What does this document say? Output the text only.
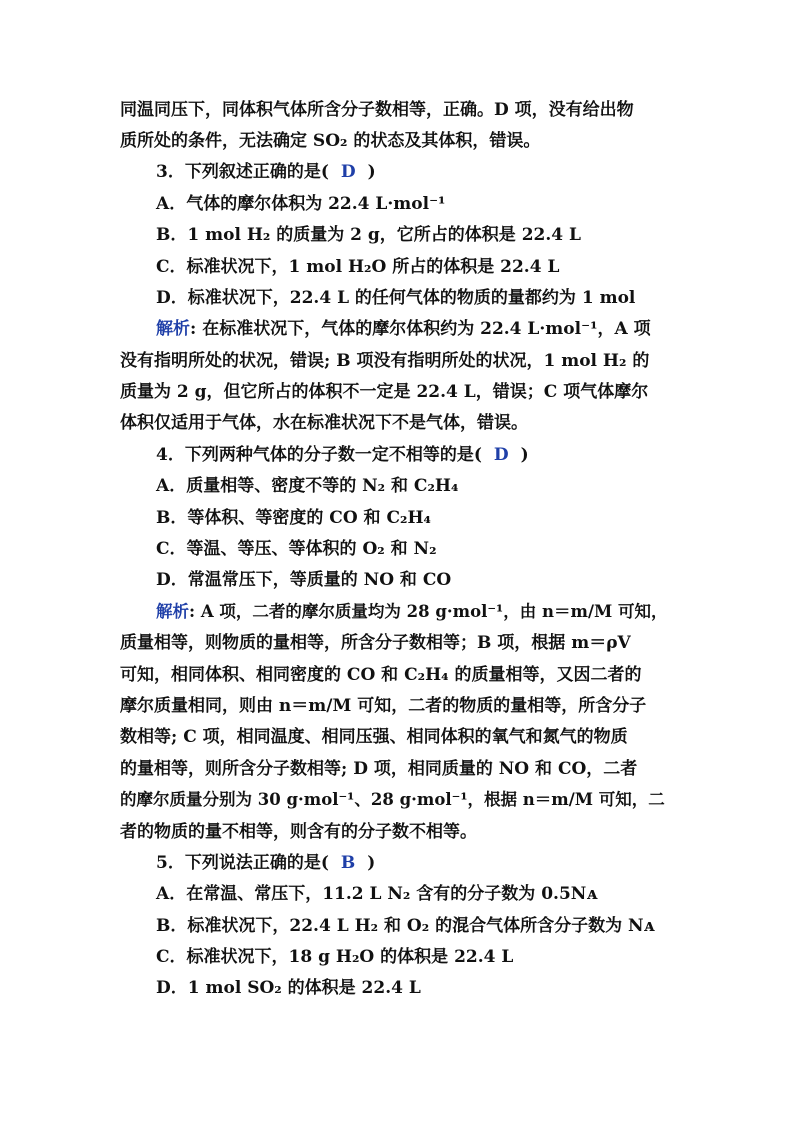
同温同压下，同体积气体所含分子数相等，正确。D 项，没有给出物
质所处的条件，无法确定 SO₂ 的状态及其体积，错误。
3．下列叙述正确的是( D )
A．气体的摩尔体积为 22.4 L·mol⁻¹
B．1 mol H₂ 的质量为 2 g，它所占的体积是 22.4 L
C．标准状况下，1 mol H₂O 所占的体积是 22.4 L
D．标准状况下，22.4 L 的任何气体的物质的量都约为 1 mol
解析: 在标准状况下，气体的摩尔体积约为 22.4 L·mol⁻¹，A 项
没有指明所处的状况，错误; B 项没有指明所处的状况，1 mol H₂ 的
质量为 2 g，但它所占的体积不一定是 22.4 L，错误；C 项气体摩尔
体积仅适用于气体，水在标准状况下不是气体，错误。
4．下列两种气体的分子数一定不相等的是( D )
A．质量相等、密度不等的 N₂ 和 C₂H₄
B．等体积、等密度的 CO 和 C₂H₄
C．等温、等压、等体积的 O₂ 和 N₂
D．常温常压下，等质量的 NO 和 CO
解析: A 项，二者的摩尔质量均为 28 g·mol⁻¹，由 n＝m/M 可知，
质量相等，则物质的量相等，所含分子数相等；B 项，根据 m＝ρV
可知，相同体积、相同密度的 CO 和 C₂H₄ 的质量相等，又因二者的
摩尔质量相同，则由 n＝m/M 可知，二者的物质的量相等，所含分子
数相等; C 项，相同温度、相同压强、相同体积的氧气和氮气的物质
的量相等，则所含分子数相等; D 项，相同质量的 NO 和 CO，二者
的摩尔质量分别为 30 g·mol⁻¹、28 g·mol⁻¹，根据 n＝m/M 可知，二
者的物质的量不相等，则含有的分子数不相等。
5．下列说法正确的是( B )
A．在常温、常压下，11.2 L N₂ 含有的分子数为 0.5Nᴀ
B．标准状况下，22.4 L H₂ 和 O₂ 的混合气体所含分子数为 Nᴀ
C．标准状况下，18 g H₂O 的体积是 22.4 L
D．1 mol SO₂ 的体积是 22.4 L
